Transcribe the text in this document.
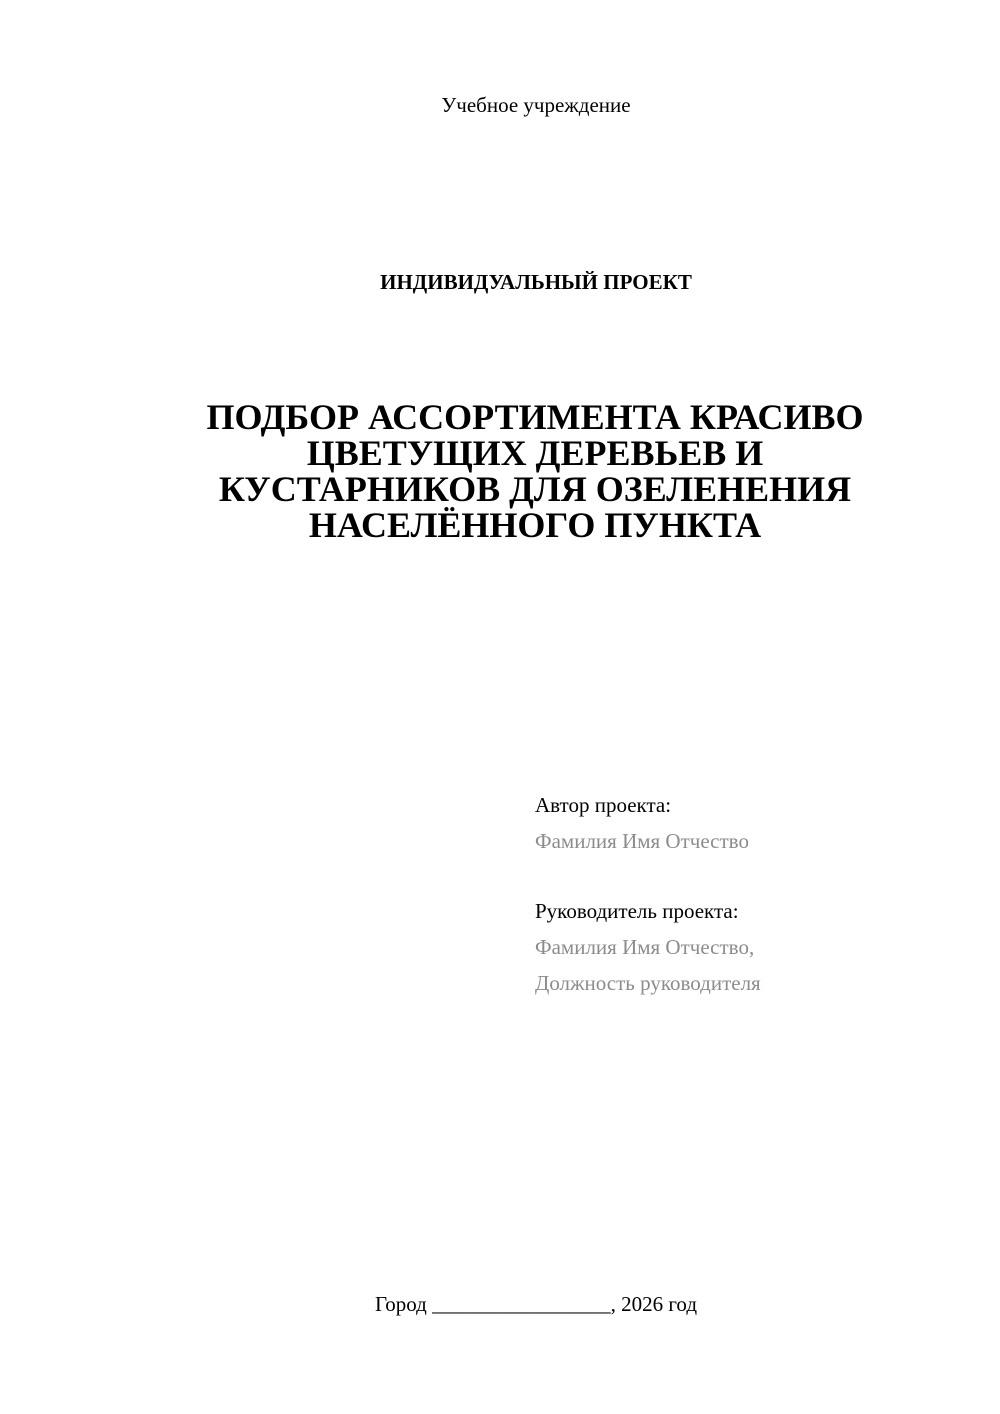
Учебное учреждение
ИНДИВИДУАЛЬНЫЙ ПРОЕКТ
ПОДБОР АССОРТИМЕНТА КРАСИВО
ЦВЕТУЩИХ ДЕРЕВЬЕВ И
КУСТАРНИКОВ ДЛЯ ОЗЕЛЕНЕНИЯ
НАСЕЛЁННОГО ПУНКТА
Автор проекта:
Фамилия Имя Отчество
Руководитель проекта:
Фамилия Имя Отчество,
Должность руководителя
Город _________________, 2026 год
